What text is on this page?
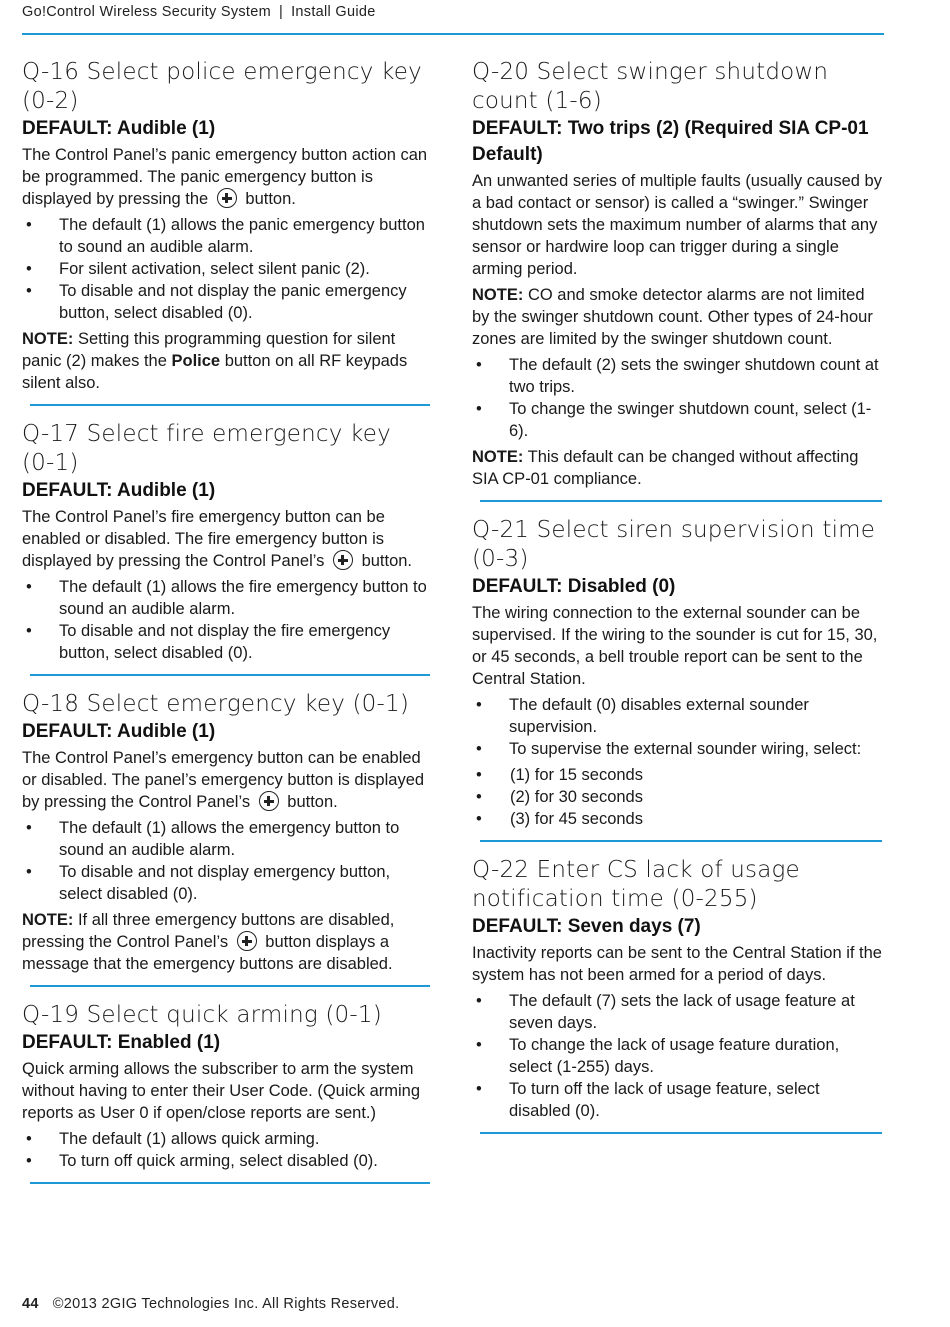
Go!Control Wireless Security System | Install Guide
Q-16 Select police emergency key (0-2)
DEFAULT: Audible (1)

The Control Panel’s panic emergency button action can be programmed. The panic emergency button is displayed by pressing the button.

• The default (1) allows the panic emergency button to sound an audible alarm.
• For silent activation, select silent panic (2).
• To disable and not display the panic emergency button, select disabled (0).
NOTE: Setting this programming question for silent panic (2) makes the Police button on all RF keypads silent also.
Q-17 Select fire emergency key (0-1)
DEFAULT: Audible (1)

The Control Panel’s fire emergency button can be enabled or disabled. The fire emergency button is displayed by pressing the Control Panel’s button.

• The default (1) allows the fire emergency button to sound an audible alarm.
• To disable and not display the fire emergency button, select disabled (0).
Q-18 Select emergency key (0-1)
DEFAULT: Audible (1)

The Control Panel’s emergency button can be enabled or disabled. The panel’s emergency button is displayed by pressing the Control Panel’s button.

• The default (1) allows the emergency button to sound an audible alarm.
• To disable and not display emergency button, select disabled (0).
NOTE: If all three emergency buttons are disabled, pressing the Control Panel’s button displays a message that the emergency buttons are disabled.
Q-19 Select quick arming (0-1)
DEFAULT: Enabled (1)

Quick arming allows the subscriber to arm the system without having to enter their User Code. (Quick arming reports as User 0 if open/close reports are sent.)

• The default (1) allows quick arming.
• To turn off quick arming, select disabled (0).
Q-20 Select swinger shutdown count (1-6)
DEFAULT: Two trips (2) (Required SIA CP-01 Default)

An unwanted series of multiple faults (usually caused by a bad contact or sensor) is called a “swinger.” Swinger shutdown sets the maximum number of alarms that any sensor or hardwire loop can trigger during a single arming period.

NOTE: CO and smoke detector alarms are not limited by the swinger shutdown count. Other types of 24-hour zones are limited by the swinger shutdown count.
• The default (2) sets the swinger shutdown count at two trips.
• To change the swinger shutdown count, select (1-6).
NOTE: This default can be changed without affecting SIA CP-01 compliance.
Q-21 Select siren supervision time (0-3)
DEFAULT: Disabled (0)

The wiring connection to the external sounder can be supervised. If the wiring to the sounder is cut for 15, 30, or 45 seconds, a bell trouble report can be sent to the Central Station.

• The default (0) disables external sounder supervision.
• To supervise the external sounder wiring, select:
• (1) for 15 seconds
• (2) for 30 seconds
• (3) for 45 seconds
Q-22 Enter CS lack of usage notification time (0-255)
DEFAULT: Seven days (7)

Inactivity reports can be sent to the Central Station if the system has not been armed for a period of days.

• The default (7) sets the lack of usage feature at seven days.
• To change the lack of usage feature duration, select (1-255) days.
• To turn off the lack of usage feature, select disabled (0).
44 ©2013 2GIG Technologies Inc. All Rights Reserved.
